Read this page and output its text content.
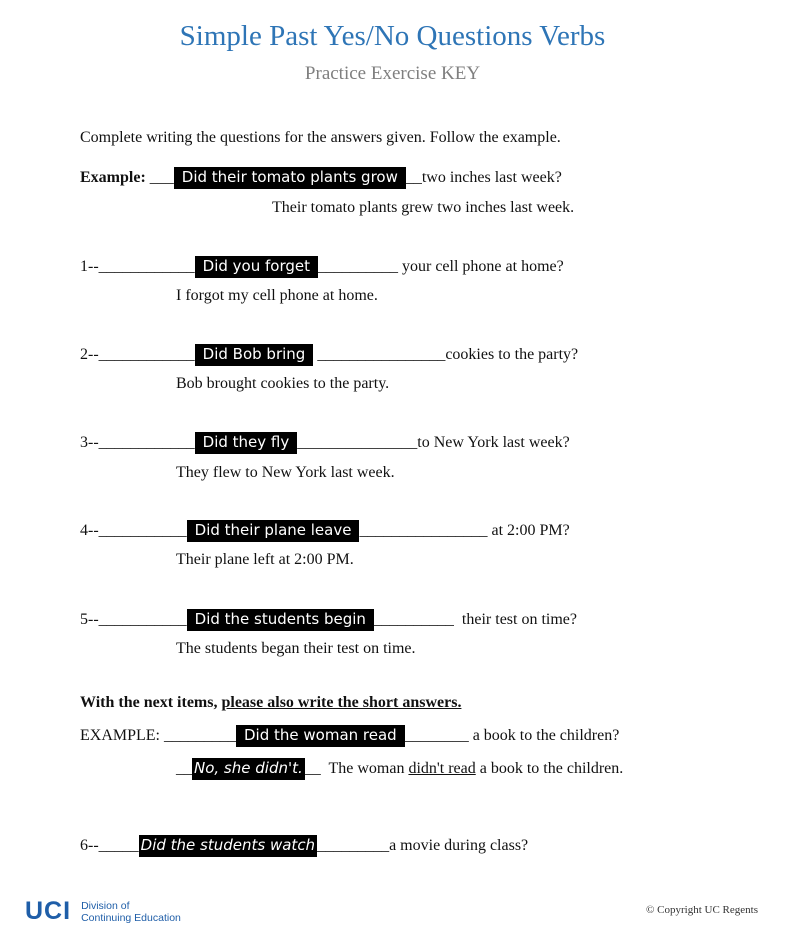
Simple Past Yes/No Questions Verbs
Practice Exercise KEY
Complete writing the questions for the answers given. Follow the example.
Example: ___ Did their tomato plants grow __two inches last week?
Their tomato plants grew two inches last week.
1--____________ Did you forget __________ your cell phone at home?
I forgot my cell phone at home.
2--____________ Did Bob bring ________________cookies to the party?
Bob brought cookies to the party.
3--____________ Did they fly _______________to New York last week?
They flew to New York last week.
4--___________ Did their plane leave ________________ at 2:00 PM?
Their plane left at 2:00 PM.
5--___________ Did the students begin __________  their test on time?
The students began their test on time.
With the next items, please also write the short answers.
EXAMPLE: _________ Did the woman read ________ a book to the children?
__ No, she didn't. __  The woman didn't read a book to the children.
6--_____ Did the students watch _________a movie during class?
UCI Division of
Continuing Education
© Copyright UC Regents
